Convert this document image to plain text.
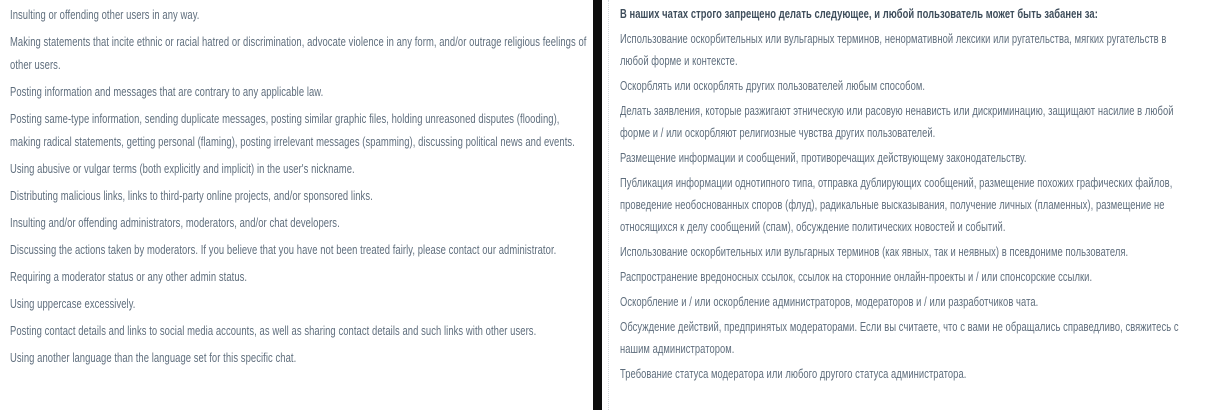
Insulting or offending other users in any way.

Making statements that incite ethnic or racial hatred or discrimination, advocate violence in any form, and/or outrage religious feelings of other users.

Posting information and messages that are contrary to any applicable law.

Posting same-type information, sending duplicate messages, posting similar graphic files, holding unreasoned disputes (flooding), making radical statements, getting personal (flaming), posting irrelevant messages (spamming), discussing political news and events.

Using abusive or vulgar terms (both explicitly and implicit) in the user's nickname.

Distributing malicious links, links to third-party online projects, and/or sponsored links.

Insulting and/or offending administrators, moderators, and/or chat developers.

Discussing the actions taken by moderators. If you believe that you have not been treated fairly, please contact our administrator.

Requiring a moderator status or any other admin status.

Using uppercase excessively.

Posting contact details and links to social media accounts, as well as sharing contact details and such links with other users.

Using another language than the language set for this specific chat.

В наших чатах строго запрещено делать следующее, и любой пользователь может быть забанен за:

Использование оскорбительных или вульгарных терминов, ненормативной лексики или ругательства, мягких ругательств в любой форме и контексте.

Оскорблять или оскорблять других пользователей любым способом.

Делать заявления, которые разжигают этническую или расовую ненависть или дискриминацию, защищают насилие в любой форме и / или оскорбляют религиозные чувства других пользователей.

Размещение информации и сообщений, противоречащих действующему законодательству.

Публикация информации однотипного типа, отправка дублирующих сообщений, размещение похожих графических файлов, проведение необоснованных споров (флуд), радикальные высказывания, получение личных (пламенных), размещение не относящихся к делу сообщений (спам), обсуждение политических новостей и событий.

Использование оскорбительных или вульгарных терминов (как явных, так и неявных) в псевдониме пользователя.

Распространение вредоносных ссылок, ссылок на сторонние онлайн-проекты и / или спонсорские ссылки.

Оскорбление и / или оскорбление администраторов, модераторов и / или разработчиков чата.

Обсуждение действий, предпринятых модераторами. Если вы считаете, что с вами не обращались справедливо, свяжитесь с нашим администратором.

Требование статуса модератора или любого другого статуса администратора.
